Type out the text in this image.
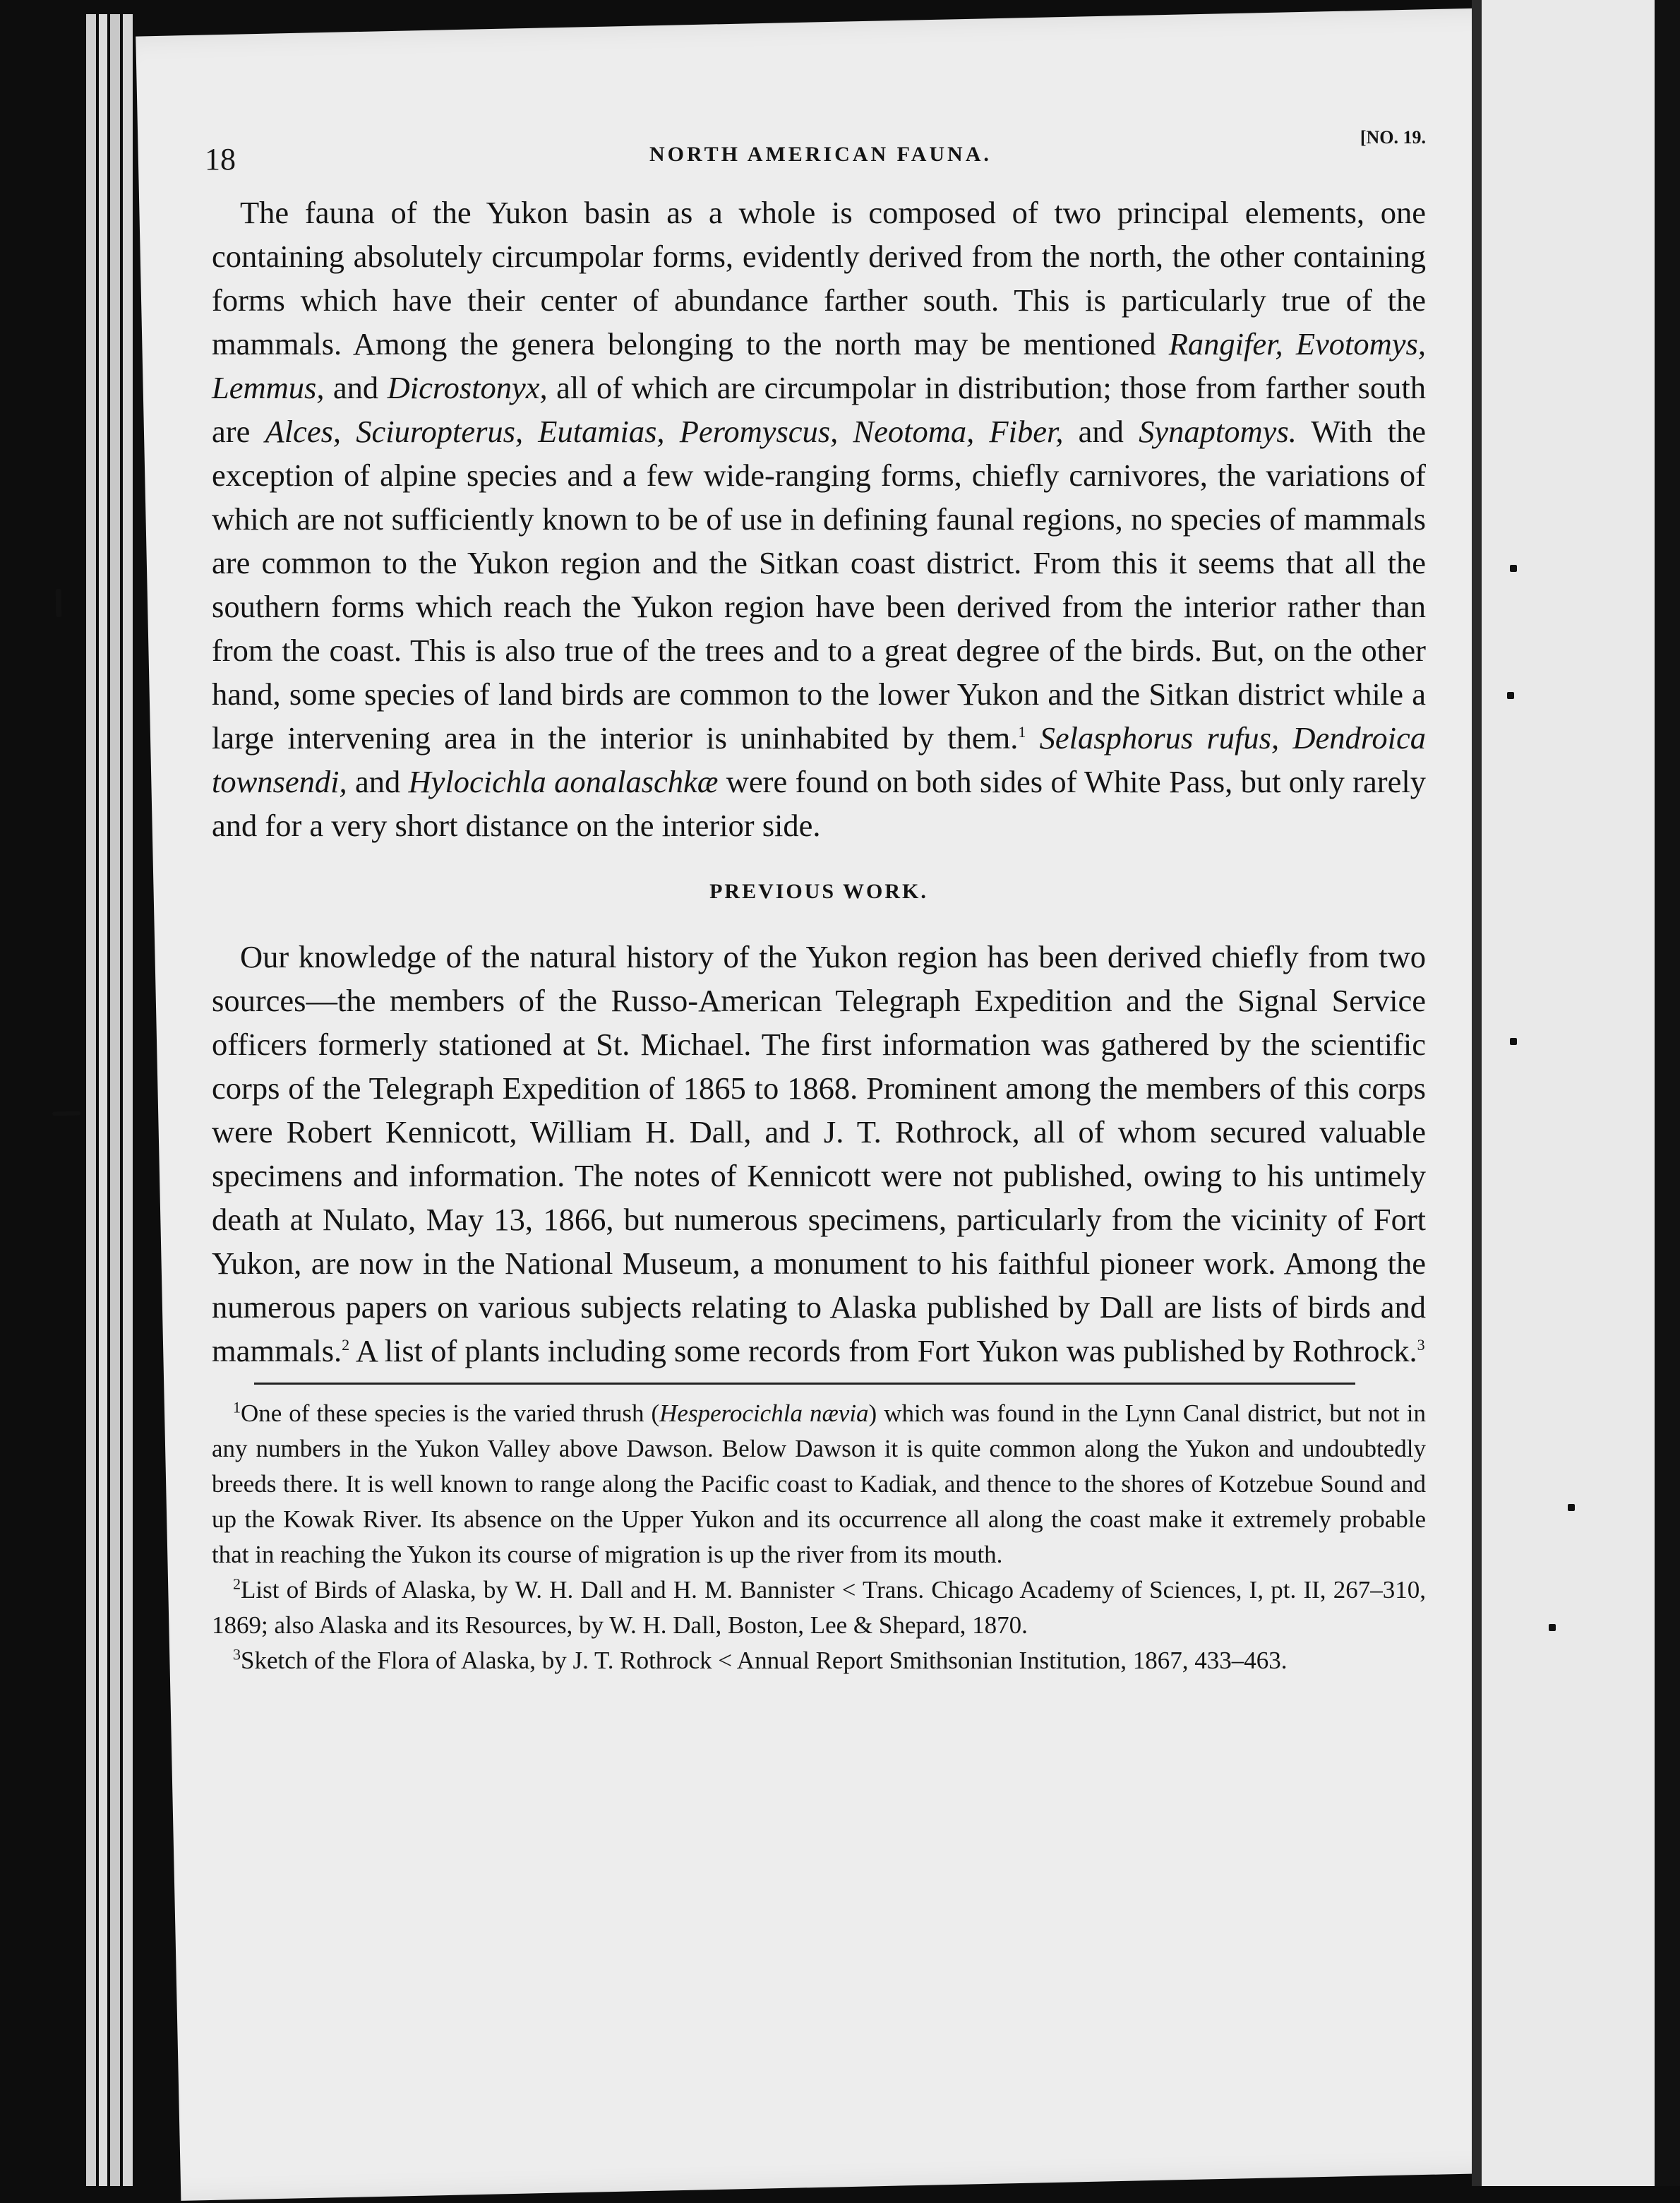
18	NORTH AMERICAN FAUNA.
[NO. 19.

The fauna of the Yukon basin as a whole is composed of two principal elements, one containing absolutely circumpolar forms, evidently derived from the north, the other containing forms which have their center of abundance farther south. This is particularly true of the mammals. Among the genera belonging to the north may be mentioned Rangifer, Evotomys, Lemmus, and Dicrostonyx, all of which are circumpolar in distribution; those from farther south are Alces, Sciuropterus, Eutamias, Peromyscus, Neotoma, Fiber, and Synaptomys. With the exception of alpine species and a few wide-ranging forms, chiefly carnivores, the variations of which are not sufficiently known to be of use in defining faunal regions, no species of mammals are common to the Yukon region and the Sitkan coast district. From this it seems that all the southern forms which reach the Yukon region have been derived from the interior rather than from the coast. This is also true of the trees and to a great degree of the birds. But, on the other hand, some species of land birds are common to the lower Yukon and the Sitkan district while a large intervening area in the interior is uninhabited by them.$^1$ Selasphorus rufus, Dendroica townsendi, and Hylocichla aonalaschkæ were found on both sides of White Pass, but only rarely and for a very short distance on the interior side.

PREVIOUS WORK.

Our knowledge of the natural history of the Yukon region has been derived chiefly from two sources—the members of the Russo-American Telegraph Expedition and the Signal Service officers formerly stationed at St. Michael. The first information was gathered by the scientific corps of the Telegraph Expedition of 1865 to 1868. Prominent among the members of this corps were Robert Kennicott, William H. Dall, and J. T. Rothrock, all of whom secured valuable specimens and information. The notes of Kennicott were not published, owing to his untimely death at Nulato, May 13, 1866, but numerous specimens, particularly from the vicinity of Fort Yukon, are now in the National Museum, a monument to his faithful pioneer work. Among the numerous papers on various subjects relating to Alaska published by Dall are lists of birds and mammals.$^2$ A list of plants including some records from Fort Yukon was published by Rothrock.$^3$

$^1$One of these species is the varied thrush (Hesperocichla nævia) which was found in the Lynn Canal district, but not in any numbers in the Yukon Valley above Dawson. Below Dawson it is quite common along the Yukon and undoubtedly breeds there. It is well known to range along the Pacific coast to Kadiak, and thence to the shores of Kotzebue Sound and up the Kowak River. Its absence on the Upper Yukon and its occurrence all along the coast make it extremely probable that in reaching the Yukon its course of migration is up the river from its mouth.

$^2$List of Birds of Alaska, by W. H. Dall and H. M. Bannister < Trans. Chicago Academy of Sciences, I, pt. II, 267–310, 1869; also Alaska and its Resources, by W. H. Dall, Boston, Lee & Shepard, 1870.

$^3$Sketch of the Flora of Alaska, by J. T. Rothrock < Annual Report Smithsonian Institution, 1867, 433–463.
